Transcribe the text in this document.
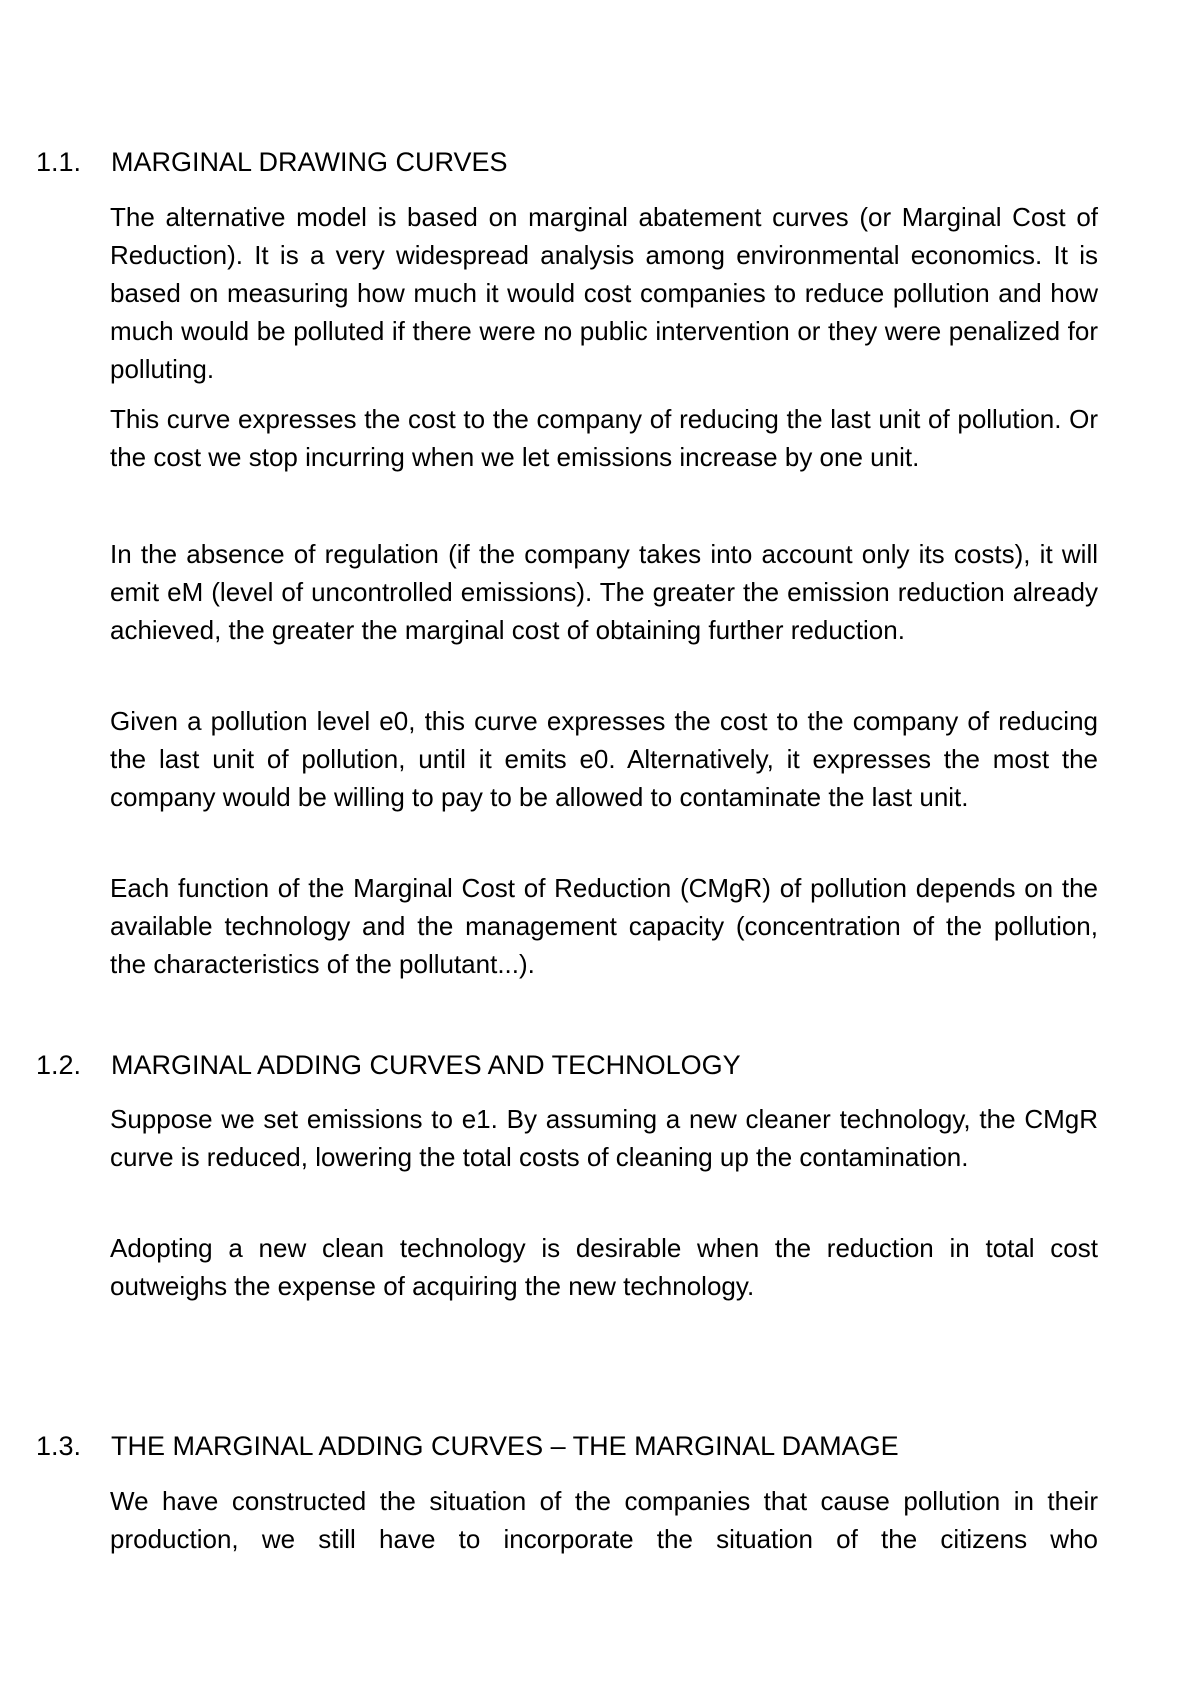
1.1. MARGINAL DRAWING CURVES

The alternative model is based on marginal abatement curves (or Marginal Cost of Reduction). It is a very widespread analysis among environmental economics. It is based on measuring how much it would cost companies to reduce pollution and how much would be polluted if there were no public intervention or they were penalized for polluting.

This curve expresses the cost to the company of reducing the last unit of pollution. Or the cost we stop incurring when we let emissions increase by one unit.

In the absence of regulation (if the company takes into account only its costs), it will emit eM (level of uncontrolled emissions). The greater the emission reduction already achieved, the greater the marginal cost of obtaining further reduction.

Given a pollution level e0, this curve expresses the cost to the company of reducing the last unit of pollution, until it emits e0. Alternatively, it expresses the most the company would be willing to pay to be allowed to contaminate the last unit.

Each function of the Marginal Cost of Reduction (CMgR) of pollution depends on the available technology and the management capacity (concentration of the pollution, the characteristics of the pollutant...).

1.2. MARGINAL ADDING CURVES AND TECHNOLOGY

Suppose we set emissions to e1. By assuming a new cleaner technology, the CMgR curve is reduced, lowering the total costs of cleaning up the contamination.

Adopting a new clean technology is desirable when the reduction in total cost outweighs the expense of acquiring the new technology.

1.3. THE MARGINAL ADDING CURVES – THE MARGINAL DAMAGE

We have constructed the situation of the companies that cause pollution in their production, we still have to incorporate the situation of the citizens who
